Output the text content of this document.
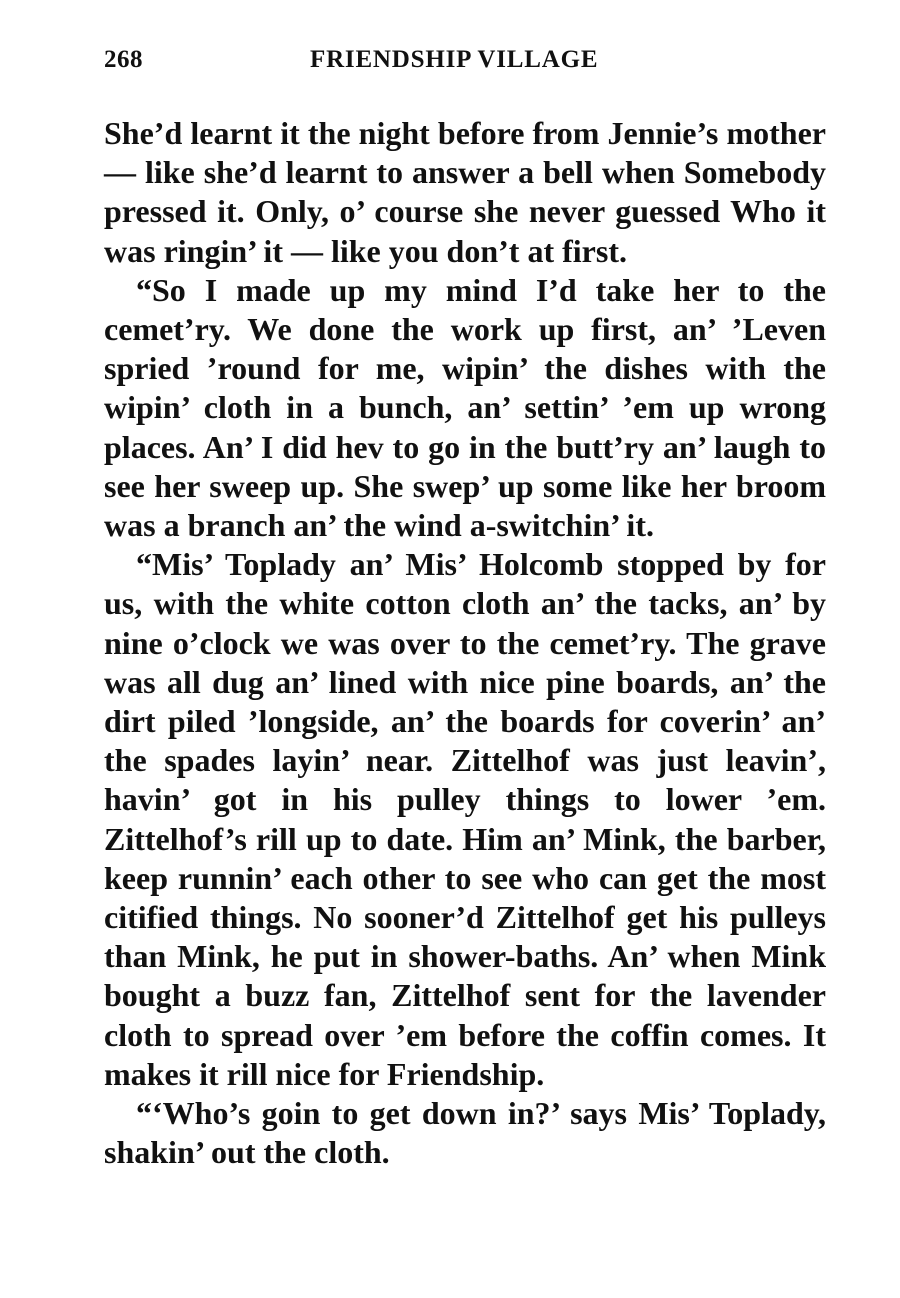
268	FRIENDSHIP VILLAGE

She’d learnt it the night before from Jennie’s mother — like she’d learnt to answer a bell when Somebody pressed it. Only, o’ course she never guessed Who it was ringin’ it — like you don’t at first.

“So I made up my mind I’d take her to the cemet’ry. We done the work up first, an’ ’Leven spried ’round for me, wipin’ the dishes with the wipin’ cloth in a bunch, an’ settin’ ’em up wrong places. An’ I did hev to go in the butt’ry an’ laugh to see her sweep up. She swep’ up some like her broom was a branch an’ the wind a-switchin’ it.

“Mis’ Toplady an’ Mis’ Holcomb stopped by for us, with the white cotton cloth an’ the tacks, an’ by nine o’clock we was over to the cemet’ry. The grave was all dug an’ lined with nice pine boards, an’ the dirt piled ’longside, an’ the boards for coverin’ an’ the spades layin’ near. Zittelhof was just leavin’, havin’ got in his pulley things to lower ’em. Zittelhof’s rill up to date. Him an’ Mink, the barber, keep runnin’ each other to see who can get the most citified things. No sooner’d Zittelhof get his pulleys than Mink, he put in shower-baths. An’ when Mink bought a buzz fan, Zittelhof sent for the lavender cloth to spread over ’em before the coffin comes. It makes it rill nice for Friendship.

“‘Who’s goin to get down in?’ says Mis’ Toplady, shakin’ out the cloth.
